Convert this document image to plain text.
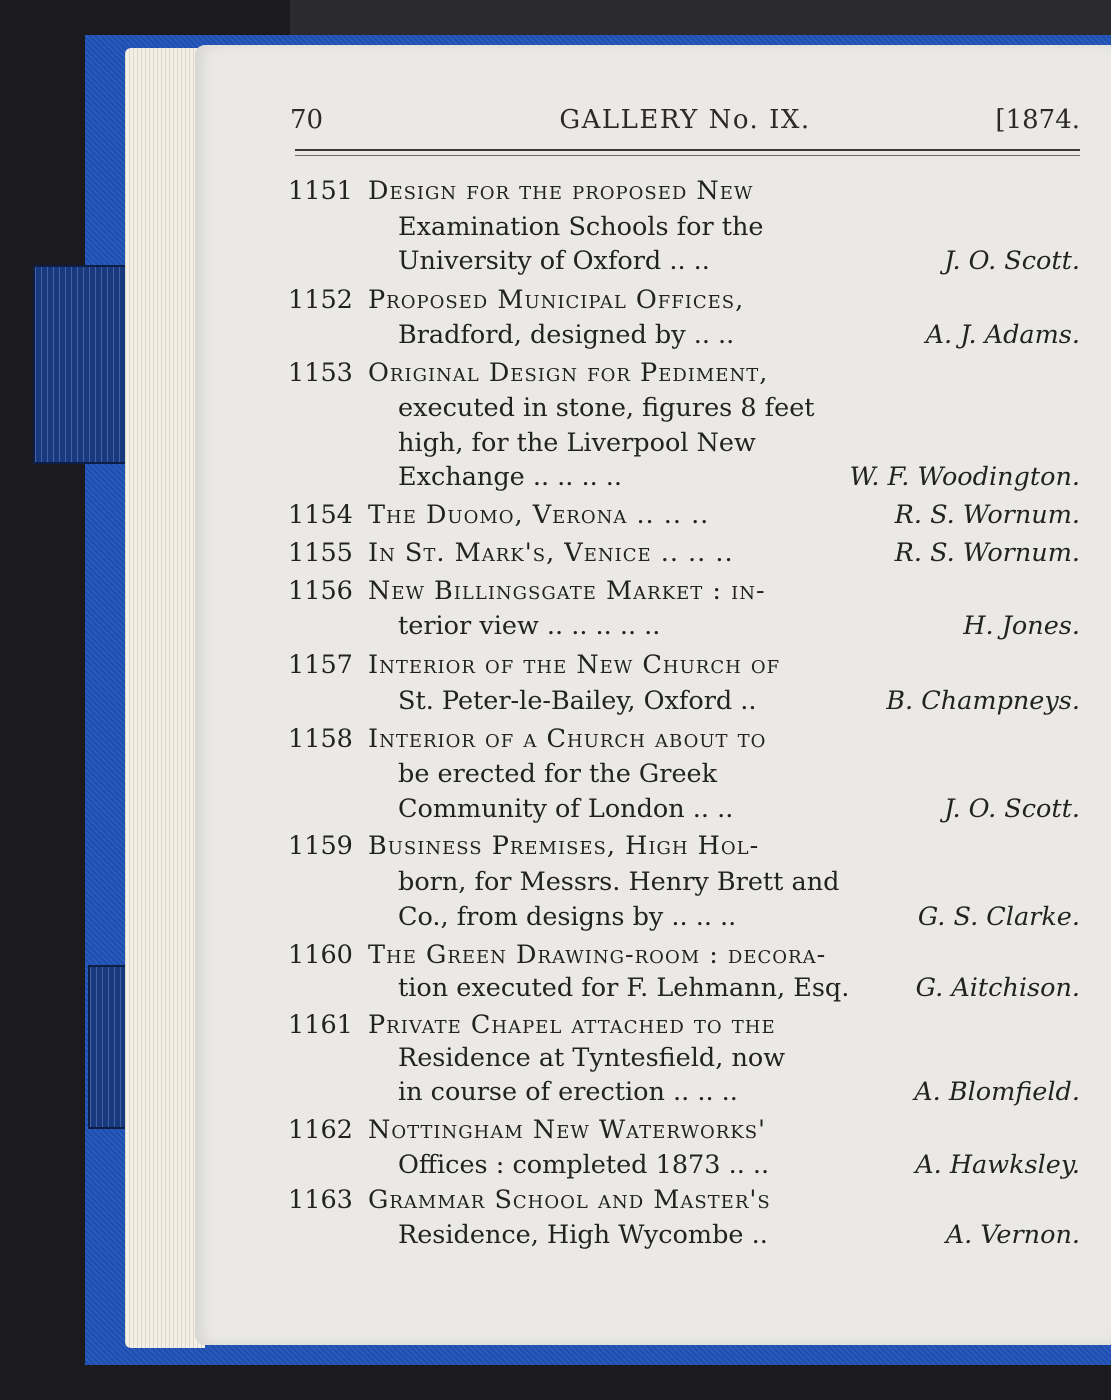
70	GALLERY No. IX.	[1874.
1151 Design for the proposed New
Examination Schools for the
University of Oxford .. ..	J. O. Scott.
1152 Proposed Municipal Offices,
Bradford, designed by .. ..	A. J. Adams.
1153 Original Design for Pediment,
executed in stone, figures 8 feet
high, for the Liverpool New
Exchange .. .. .. ..	W. F. Woodington.
1154 The Duomo, Verona .. .. ..	R. S. Wornum.
1155 In St. Mark's, Venice .. .. ..	R. S. Wornum.
1156 New Billingsgate Market : in-
terior view .. .. .. .. ..	H. Jones.
1157 Interior of the New Church of
St. Peter-le-Bailey, Oxford ..	B. Champneys.
1158 Interior of a Church about to
be erected for the Greek
Community of London .. ..	J. O. Scott.
1159 Business Premises, High Hol-
born, for Messrs. Henry Brett and
Co., from designs by .. .. ..	G. S. Clarke.
1160 The Green Drawing-room : decora-
tion executed for F. Lehmann, Esq.	G. Aitchison.
1161 Private Chapel attached to the
Residence at Tyntesfield, now
in course of erection .. .. ..	A. Blomfield.
1162 Nottingham New Waterworks'
Offices : completed 1873 .. ..	A. Hawksley.
1163 Grammar School and Master's
Residence, High Wycombe ..	A. Vernon.
